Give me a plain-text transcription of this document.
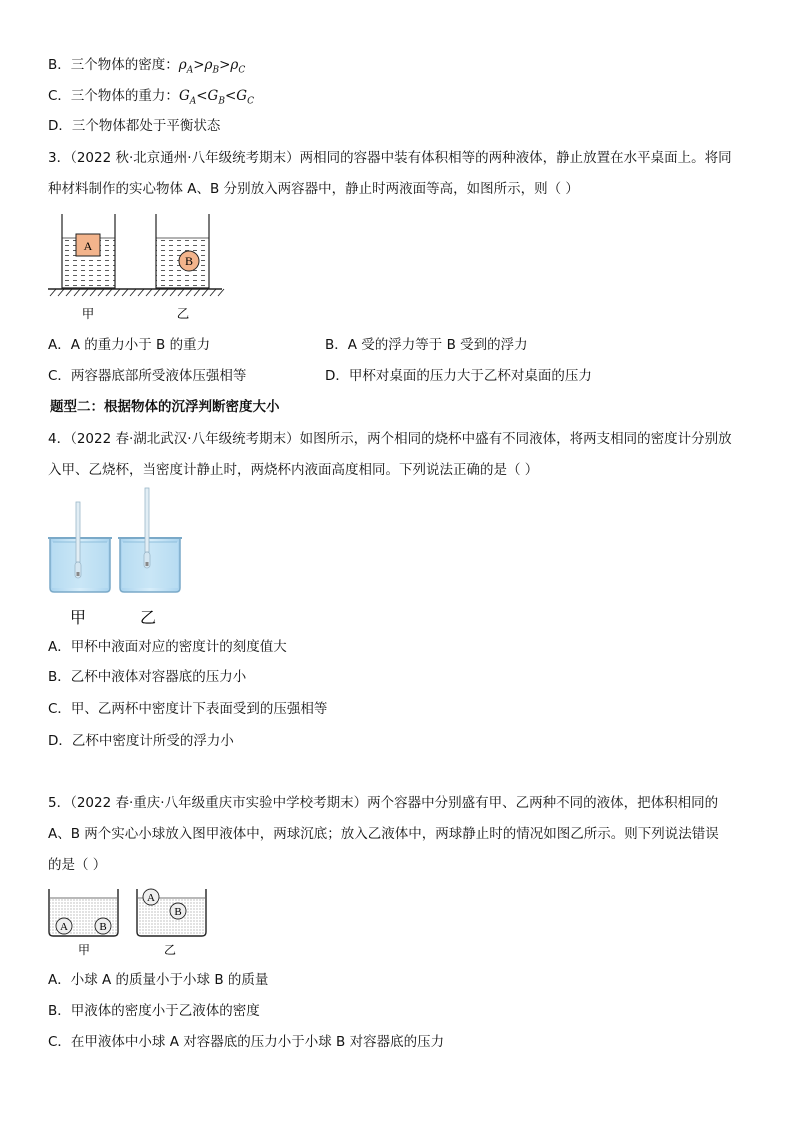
B．三个物体的密度：$\rho_A>\rho_B>\rho_C$
C．三个物体的重力：$G_A<G_B<G_C$
D．三个物体都处于平衡状态
3．（2022 秋·北京通州·八年级统考期末）两相同的容器中装有体积相等的两种液体，静止放置在水平桌面上。将同
种材料制作的实心物体 A、B 分别放入两容器中，静止时两液面等高，如图所示，则（ ）
A
B
甲	乙
A．A 的重力小于 B 的重力	B．A 受的浮力等于 B 受到的浮力
C．两容器底部所受液体压强相等	D．甲杯对桌面的压力大于乙杯对桌面的压力
题型二：根据物体的沉浮判断密度大小
4．（2022 春·湖北武汉·八年级统考期末）如图所示，两个相同的烧杯中盛有不同液体，将两支相同的密度计分别放
入甲、乙烧杯，当密度计静止时，两烧杯内液面高度相同。下列说法正确的是（ ）
甲	乙
A．甲杯中液面对应的密度计的刻度值大
B．乙杯中液体对容器底的压力小
C．甲、乙两杯中密度计下表面受到的压强相等
D．乙杯中密度计所受的浮力小
5．（2022 春·重庆·八年级重庆市实验中学校考期末）两个容器中分别盛有甲、乙两种不同的液体，把体积相同的
A、B 两个实心小球放入图甲液体中，两球沉底；放入乙液体中，两球静止时的情况如图乙所示。则下列说法错误
的是（ ）
A	B
A
B
甲	乙
A．小球 A 的质量小于小球 B 的质量
B．甲液体的密度小于乙液体的密度
C．在甲液体中小球 A 对容器底的压力小于小球 B 对容器底的压力
